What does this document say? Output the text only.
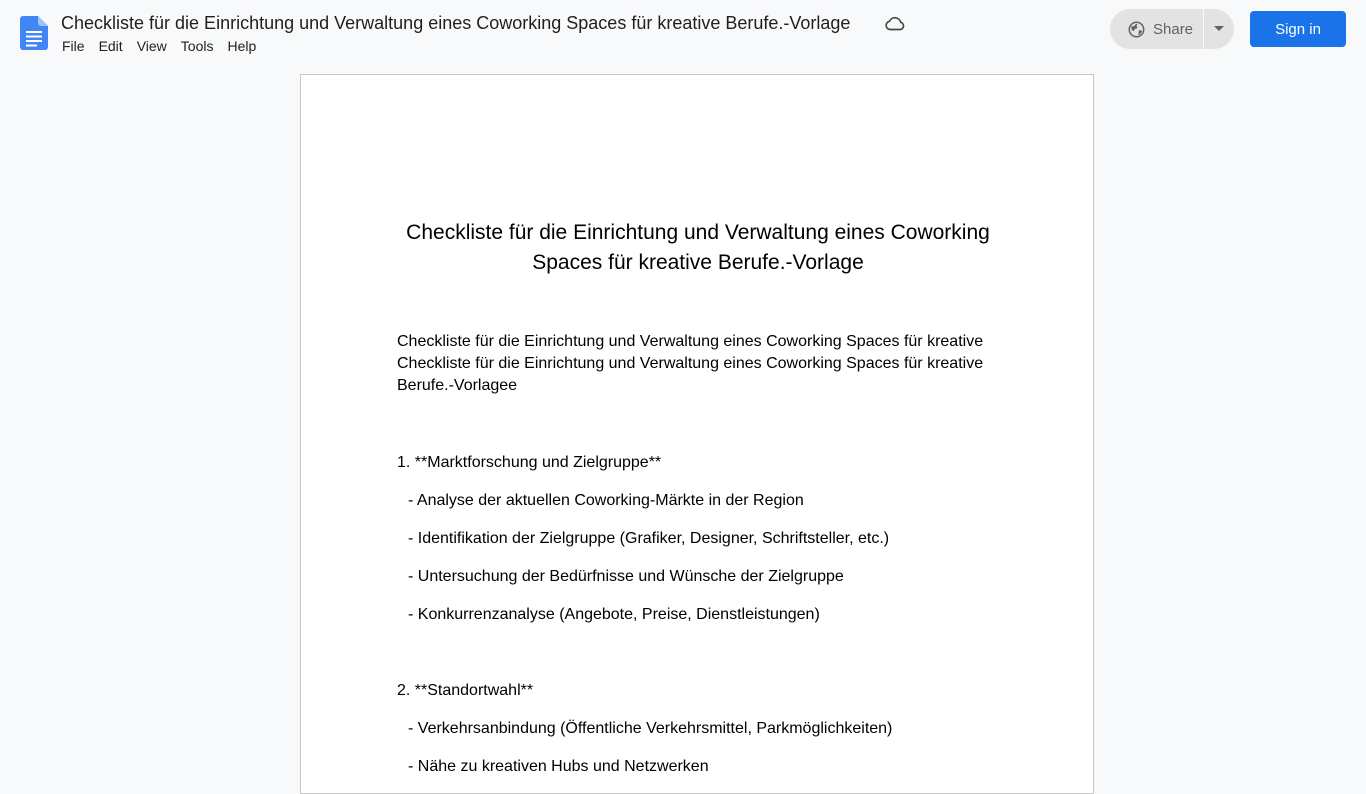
Checkliste für die Einrichtung und Verwaltung eines Coworking Spaces für kreative Berufe.-Vorlage
File	Edit	View	Tools	Help
Share	Sign in
Checkliste für die Einrichtung und Verwaltung eines Coworking
Spaces für kreative Berufe.-Vorlage
Checkliste für die Einrichtung und Verwaltung eines Coworking Spaces für kreative
Checkliste für die Einrichtung und Verwaltung eines Coworking Spaces für kreative
Berufe.-Vorlagee
1. **Marktforschung und Zielgruppe**
- Analyse der aktuellen Coworking-Märkte in der Region
- Identifikation der Zielgruppe (Grafiker, Designer, Schriftsteller, etc.)
- Untersuchung der Bedürfnisse und Wünsche der Zielgruppe
- Konkurrenzanalyse (Angebote, Preise, Dienstleistungen)
2. **Standortwahl**
- Verkehrsanbindung (Öffentliche Verkehrsmittel, Parkmöglichkeiten)
- Nähe zu kreativen Hubs und Netzwerken
